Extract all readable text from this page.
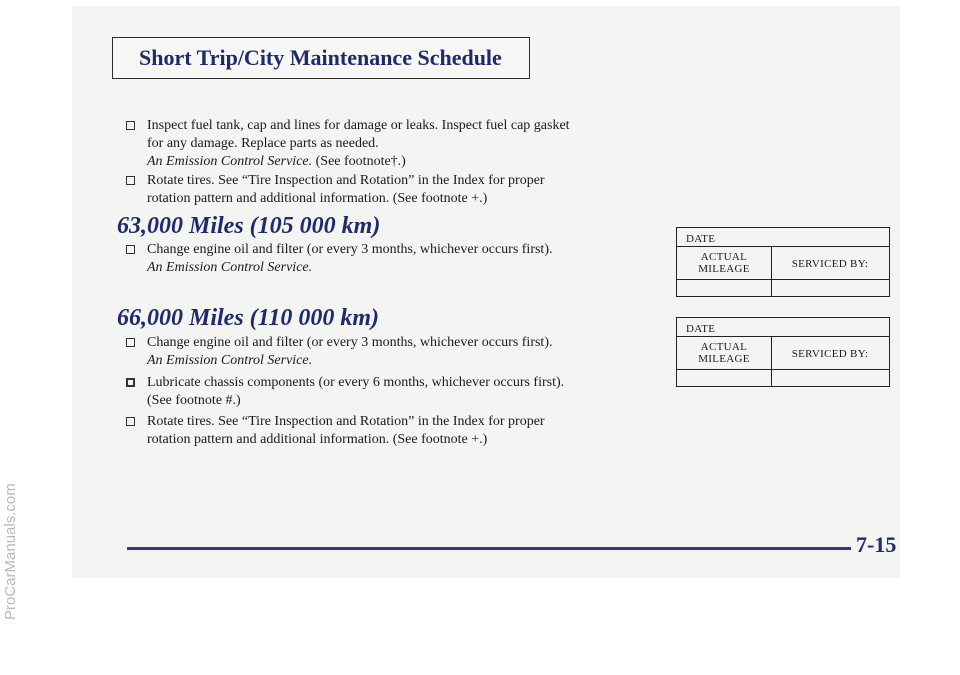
ProCarManuals.com
Short Trip/City Maintenance Schedule
Inspect fuel tank, cap and lines for damage or leaks. Inspect fuel cap gasket
for any damage. Replace parts as needed.
An Emission Control Service. (See footnote†.)
Rotate tires. See “Tire Inspection and Rotation” in the Index for proper
rotation pattern and additional information. (See footnote +.)
63,000 Miles (105 000 km)
Change engine oil and filter (or every 3 months, whichever occurs first).
An Emission Control Service.
DATE
ACTUAL
MILEAGE	SERVICED BY:
66,000 Miles (110 000 km)
Change engine oil and filter (or every 3 months, whichever occurs first).
An Emission Control Service.
Lubricate chassis components (or every 6 months, whichever occurs first).
(See footnote #.)
Rotate tires. See “Tire Inspection and Rotation” in the Index for proper
rotation pattern and additional information. (See footnote +.)
DATE
ACTUAL
MILEAGE	SERVICED BY:
7-15
